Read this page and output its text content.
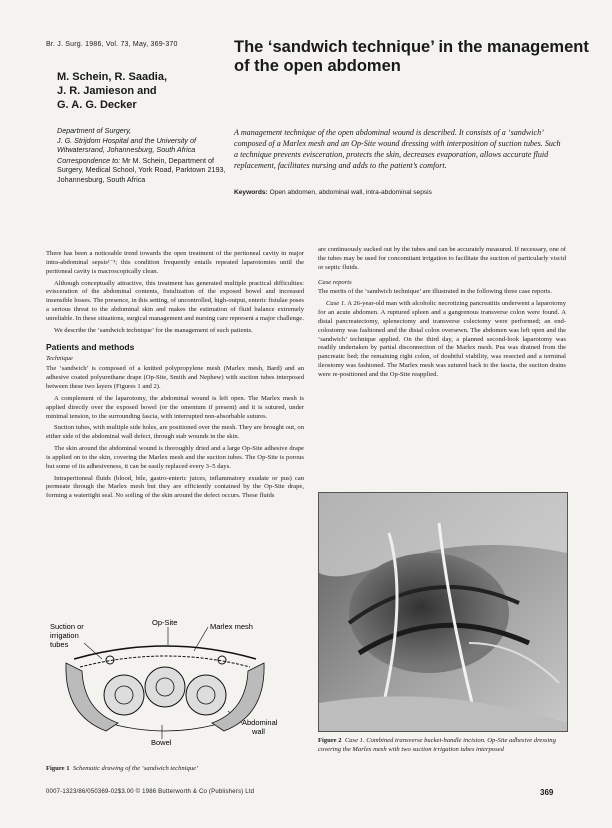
Br. J. Surg. 1986, Vol. 73, May, 369-370	The ‘sandwich technique’ in the management of the open abdomen
M. Schein, R. Saadia,
J. R. Jamieson and
G. A. G. Decker
Department of Surgery,
J. G. Strijdom Hospital and the University of Witwatersrand, Johannesburg, South Africa
Correspondence to: Mr M. Schein, Department of Surgery, Medical School, York Road, Parktown 2193, Johannesburg, South Africa
A management technique of the open abdominal wound is described. It consists of a ‘sandwich’ composed of a Marlex mesh and an Op-Site wound dressing with interposition of suction tubes. Such a technique prevents evisceration, protects the skin, decreases evaporation, allows accurate fluid replacement, facilitates nursing and adds to the patient’s comfort.
Keywords: Open abdomen, abdominal wall, intra-abdominal sepsis

There has been a noticeable trend towards the open treatment of the peritoneal cavity in major intra-abdominal sepsis¹⁻³; this condition frequently entails repeated laparotomies until the peritoneal cavity is macroscopically clean.

Although conceptually attractive, this treatment has generated multiple practical difficulties: evisceration of the abdominal contents, fistulization of the exposed bowel and increased insensible losses. The presence, in this setting, of uncontrolled, high-output, enteric fistulae poses a serious threat to the abdominal skin and makes the estimation of fluid balance extremely unreliable. In these situations, surgical management and nursing care represent a major challenge.

We describe the ‘sandwich technique’ for the management of such patients.

Patients and methods
Technique

The ‘sandwich’ is composed of a knitted polypropylene mesh (Marlex mesh, Bard) and an adhesive coated polyurethane drape (Op-Site, Smith and Nephew) with suction tubes interposed between these two layers (Figures 1 and 2).

A complement of the laparotomy, the abdominal wound is left open. The Marlex mesh is applied directly over the exposed bowel (or the omentum if present) and it is sutured, under minimal tension, to the surrounding fascia, with interrupted non-absorbable sutures.

Suction tubes, with multiple side holes, are positioned over the mesh. They are brought out, on either side of the abdominal wall defect, through stab wounds in the skin.

The skin around the abdominal wound is thoroughly dried and a large Op-Site adhesive drape is applied on to the skin, covering the Marlex mesh and the suction tubes. The Op-Site is porous but some of its adhesiveness, it can be easily replaced every 3–5 days.

Intraperitoneal fluids (blood, bile, gastro-enteric juices, inflammatory exudate or pus) can permeate through the Marlex mesh but they are efficiently contained by the Op-Site drape, forming a watertight seal. No soiling of the skin around the defect occurs. These fluids

are continuously sucked out by the tubes and can be accurately measured. If necessary, one of the tubes may be used for concomitant irrigation to facilitate the suction of particularly viscid or septic fluids.

Case reports

The merits of the ‘sandwich technique’ are illustrated in the following three case reports.

Case 1. A 26-year-old man with alcoholic necrotizing pancreatitis underwent a laparotomy for an acute abdomen. A ruptured spleen and a gangrenous transverse colon were found. A distal pancreatectomy, splenectomy and transverse colectomy were performed; an end-colostomy was fashioned and the distal colon oversewn. The abdomen was left open and the ‘sandwich’ technique applied. On the third day, a planned second-look laparotomy was readily undertaken by partial disconnection of the Marlex mesh. Pus was drained from the pancreatic bed; the remaining right colon, of doubtful viability, was resected and a terminal ileostomy was fashioned. The Marlex mesh was sutured back to the fascia, the suction drains were re-positioned and the Op-Site reapplied.

Suction or
irrigation
tubes
Op-Site	Marlex mesh
Abdominal
wall
Bowel
Figure 1 Schematic drawing of the ‘sandwich technique’
Figure 2 Case 1. Combined transverse bucket-handle incision. Op-Site adhesive dressing covering the Marlex mesh with two suction irrigation tubes interposed
0007-1323/86/050369-02$3.00 © 1986 Butterworth & Co (Publishers) Ltd	369
